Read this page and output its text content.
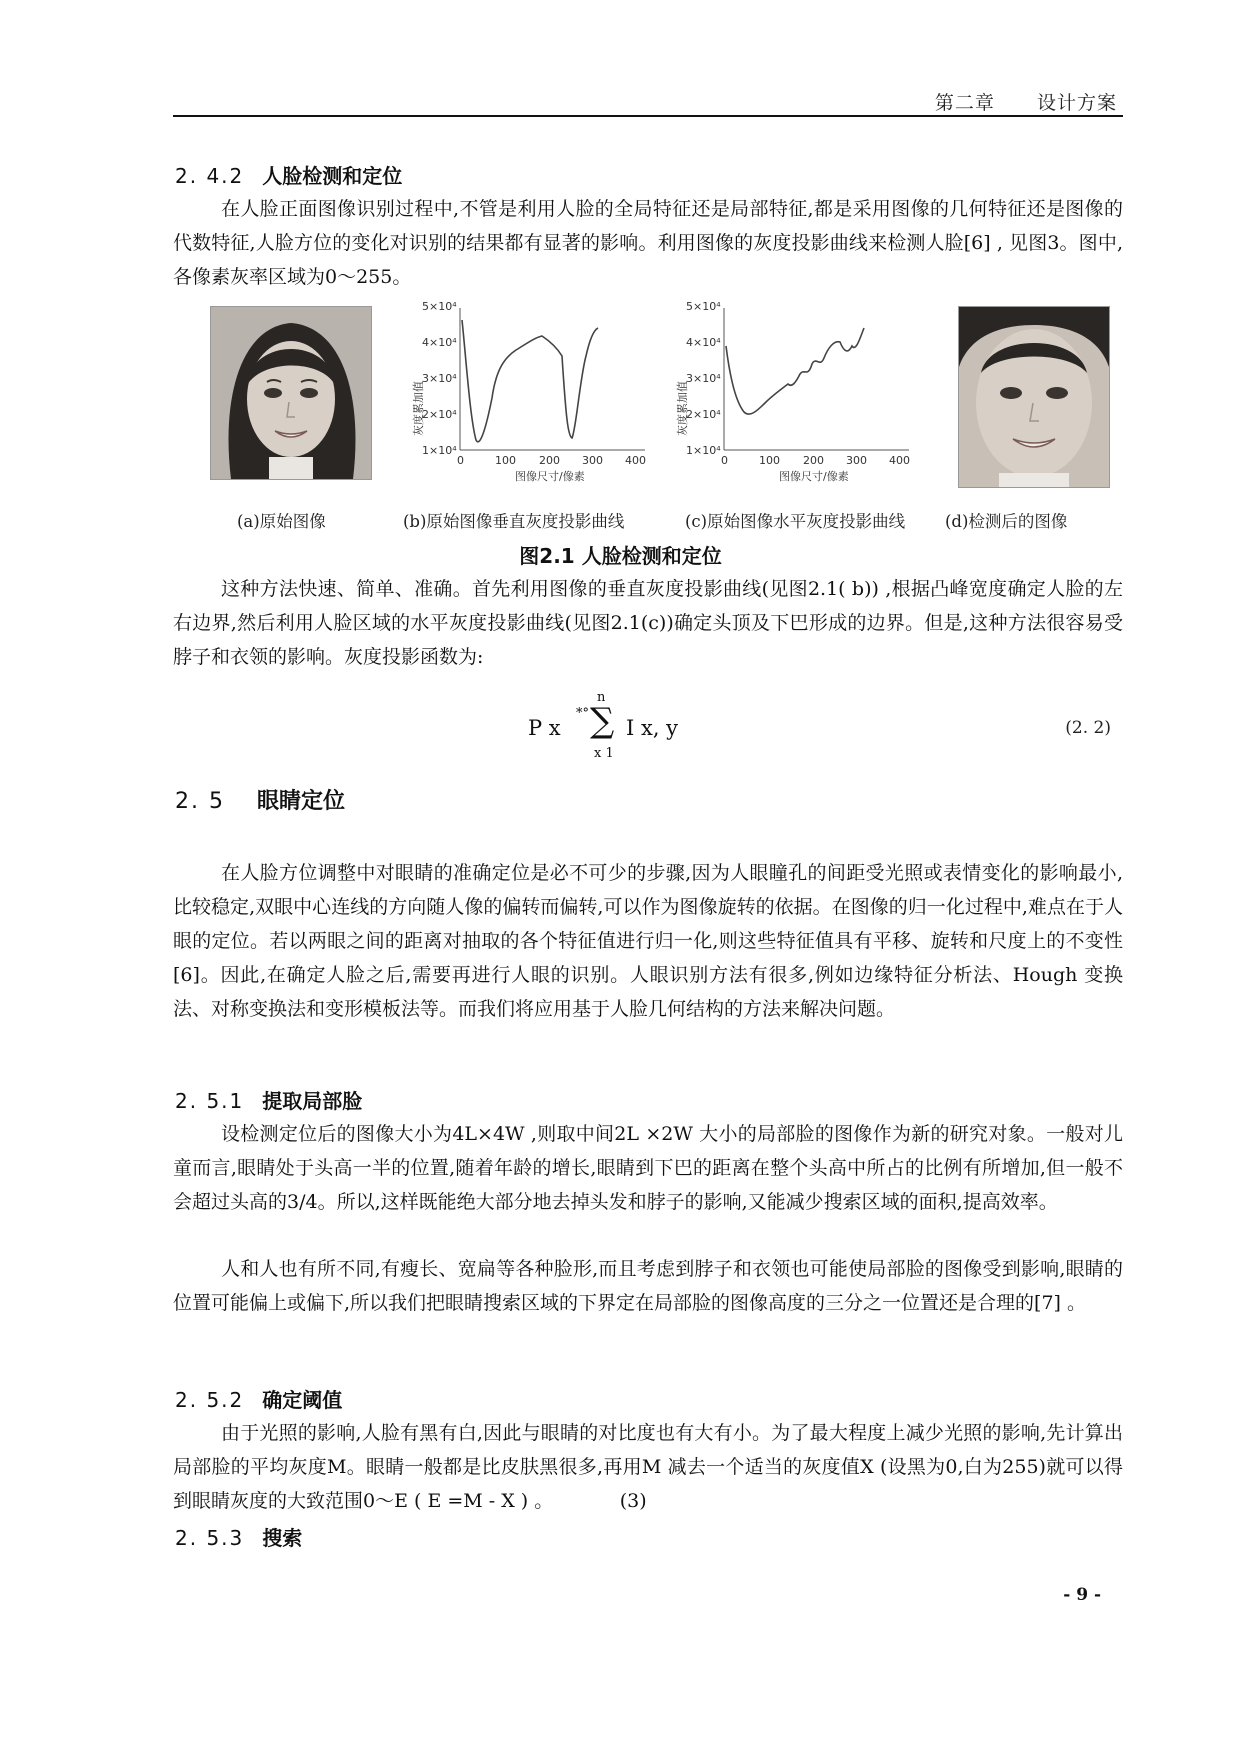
第二章 设计方案
2. 4.2 人脸检测和定位

在人脸正面图像识别过程中,不管是利用人脸的全局特征还是局部特征,都是采用图像的几何特征还是图像的代数特征,人脸方位的变化对识别的结果都有显著的影响。利用图像的灰度投影曲线来检测人脸[6] , 见图3。图中,各像素灰率区域为0～255。

灰度累加值
1×10⁴
2×10⁴
3×10⁴
4×10⁴
5×10⁴
0	100 200 300 400
图像尺寸/像素
灰度累加值
1×10⁴
2×10⁴
3×10⁴
4×10⁴
5×10⁴
0	100 200 300 400
图像尺寸/像素
(a)原始图像	(b)原始图像垂直灰度投影曲线	(c)原始图像水平灰度投影曲线 (d)检测后的图像
图2.1 人脸检测和定位

这种方法快速、简单、准确。首先利用图像的垂直灰度投影曲线(见图2.1( b)) ,根据凸峰宽度确定人脸的左右边界,然后利用人脸区域的水平灰度投影曲线(见图2.1(c))确定头顶及下巴形成的边界。但是,这种方法很容易受脖子和衣领的影响。灰度投影函数为:

P x
*°
n
∑
x 1
I x, y	(2. 2)
2. 5 眼睛定位

在人脸方位调整中对眼睛的准确定位是必不可少的步骤,因为人眼瞳孔的间距受光照或表情变化的影响最小,比较稳定,双眼中心连线的方向随人像的偏转而偏转,可以作为图像旋转的依据。在图像的归一化过程中,难点在于人眼的定位。若以两眼之间的距离对抽取的各个特征值进行归一化,则这些特征值具有平移、旋转和尺度上的不变性[6]。因此,在确定人脸之后,需要再进行人眼的识别。人眼识别方法有很多,例如边缘特征分析法、Hough 变换法、对称变换法和变形模板法等。而我们将应用基于人脸几何结构的方法来解决问题。

2. 5.1 提取局部脸

设检测定位后的图像大小为4L×4W ,则取中间2L ×2W 大小的局部脸的图像作为新的研究对象。一般对儿童而言,眼睛处于头高一半的位置,随着年龄的增长,眼睛到下巴的距离在整个头高中所占的比例有所增加,但一般不会超过头高的3/4。所以,这样既能绝大部分地去掉头发和脖子的影响,又能减少搜索区域的面积,提高效率。

人和人也有所不同,有瘦长、宽扁等各种脸形,而且考虑到脖子和衣领也可能使局部脸的图像受到影响,眼睛的位置可能偏上或偏下,所以我们把眼睛搜索区域的下界定在局部脸的图像高度的三分之一位置还是合理的[7] 。

2. 5.2 确定阈值

由于光照的影响,人脸有黑有白,因此与眼睛的对比度也有大有小。为了最大程度上减少光照的影响,先计算出局部脸的平均灰度M。眼睛一般都是比皮肤黑很多,再用M 减去一个适当的灰度值X (设黑为0,白为255)就可以得到眼睛灰度的大致范围0～E ( E =M - X ) 。　　　　(3)

2. 5.3 搜索
- 9 -
